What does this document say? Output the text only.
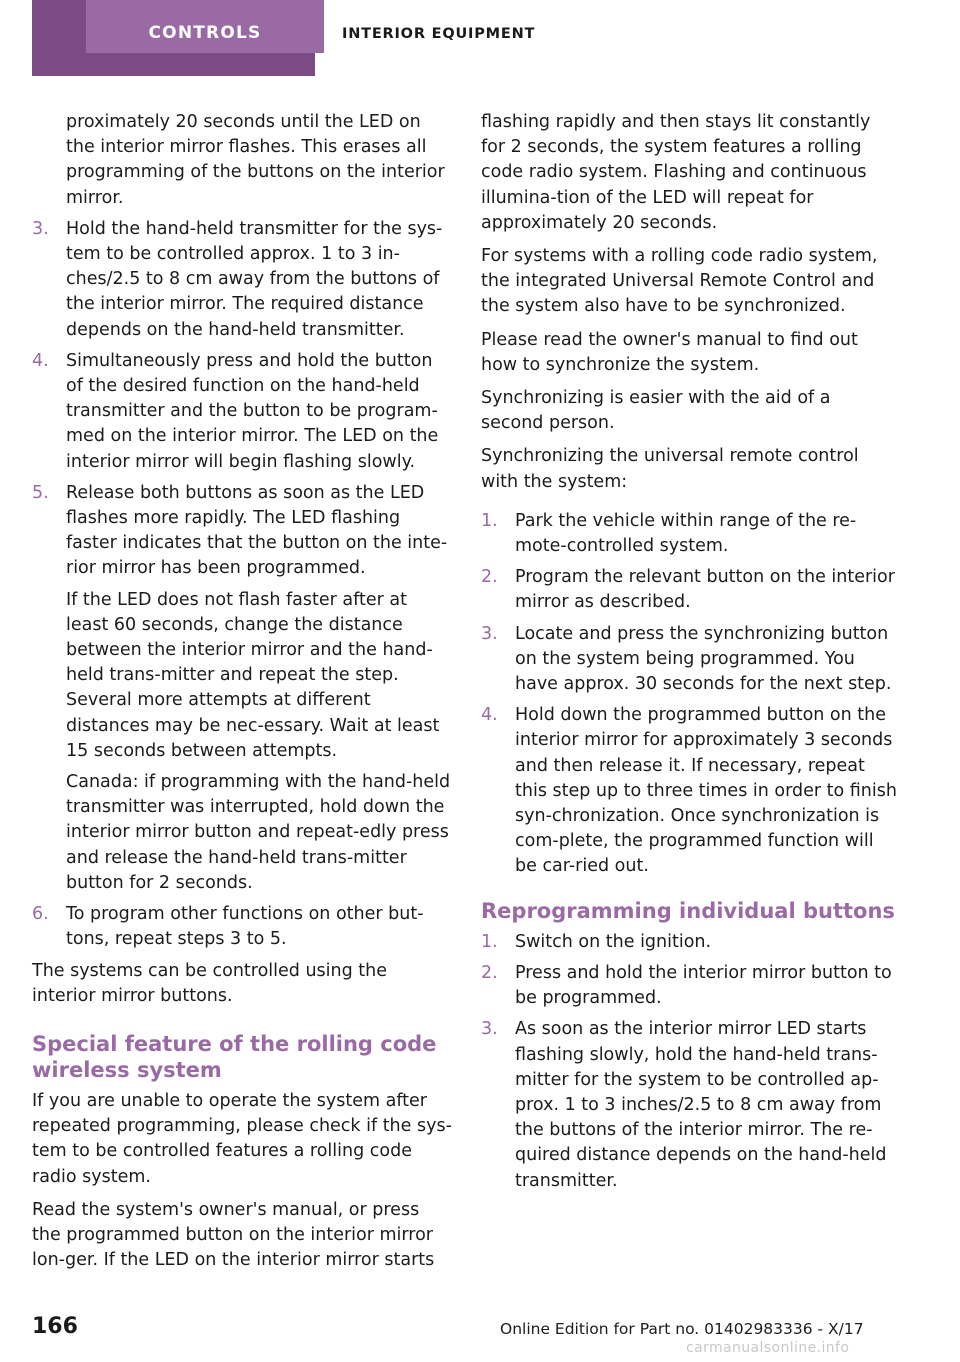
CONTROLS	INTERIOR EQUIPMENT
proximately 20 seconds until the LED on the interior mirror flashes. This erases all programming of the buttons on the interior mirror.
3. Hold the hand-held transmitter for the sys-tem to be controlled approx. 1 to 3 in-ches/2.5 to 8 cm away from the buttons of the interior mirror. The required distance depends on the hand-held transmitter.
4. Simultaneously press and hold the button of the desired function on the hand-held transmitter and the button to be program-med on the interior mirror. The LED on the interior mirror will begin flashing slowly.
5. Release both buttons as soon as the LED flashes more rapidly. The LED flashing faster indicates that the button on the inte-rior mirror has been programmed.
If the LED does not flash faster after at least 60 seconds, change the distance between the interior mirror and the hand-held trans-mitter and repeat the step. Several more attempts at different distances may be nec-essary. Wait at least 15 seconds between attempts.
Canada: if programming with the hand-held transmitter was interrupted, hold down the interior mirror button and repeat-edly press and release the hand-held trans-mitter button for 2 seconds.
6. To program other functions on other but-tons, repeat steps 3 to 5.

The systems can be controlled using the interior mirror buttons.

Special feature of the rolling code wireless system

If you are unable to operate the system after repeated programming, please check if the sys-tem to be controlled features a rolling code radio system.

Read the system's owner's manual, or press the programmed button on the interior mirror lon-ger. If the LED on the interior mirror starts

flashing rapidly and then stays lit constantly for 2 seconds, the system features a rolling code radio system. Flashing and continuous illumina-tion of the LED will repeat for approximately 20 seconds.

For systems with a rolling code radio system, the integrated Universal Remote Control and the system also have to be synchronized.

Please read the owner's manual to find out how to synchronize the system.

Synchronizing is easier with the aid of a second person.

Synchronizing the universal remote control with the system:

1. Park the vehicle within range of the re-mote-controlled system.
2. Program the relevant button on the interior mirror as described.
3. Locate and press the synchronizing button on the system being programmed. You have approx. 30 seconds for the next step.
4. Hold down the programmed button on the interior mirror for approximately 3 seconds and then release it. If necessary, repeat this step up to three times in order to finish syn-chronization. Once synchronization is com-plete, the programmed function will be car-ried out.
Reprogramming individual buttons
1. Switch on the ignition.
2. Press and hold the interior mirror button to be programmed.
3. As soon as the interior mirror LED starts flashing slowly, hold the hand-held trans-mitter for the system to be controlled ap-prox. 1 to 3 inches/2.5 to 8 cm away from the buttons of the interior mirror. The re-quired distance depends on the hand-held transmitter.
166	Online Edition for Part no. 01402983336 - X/17
carmanualsonline.info
